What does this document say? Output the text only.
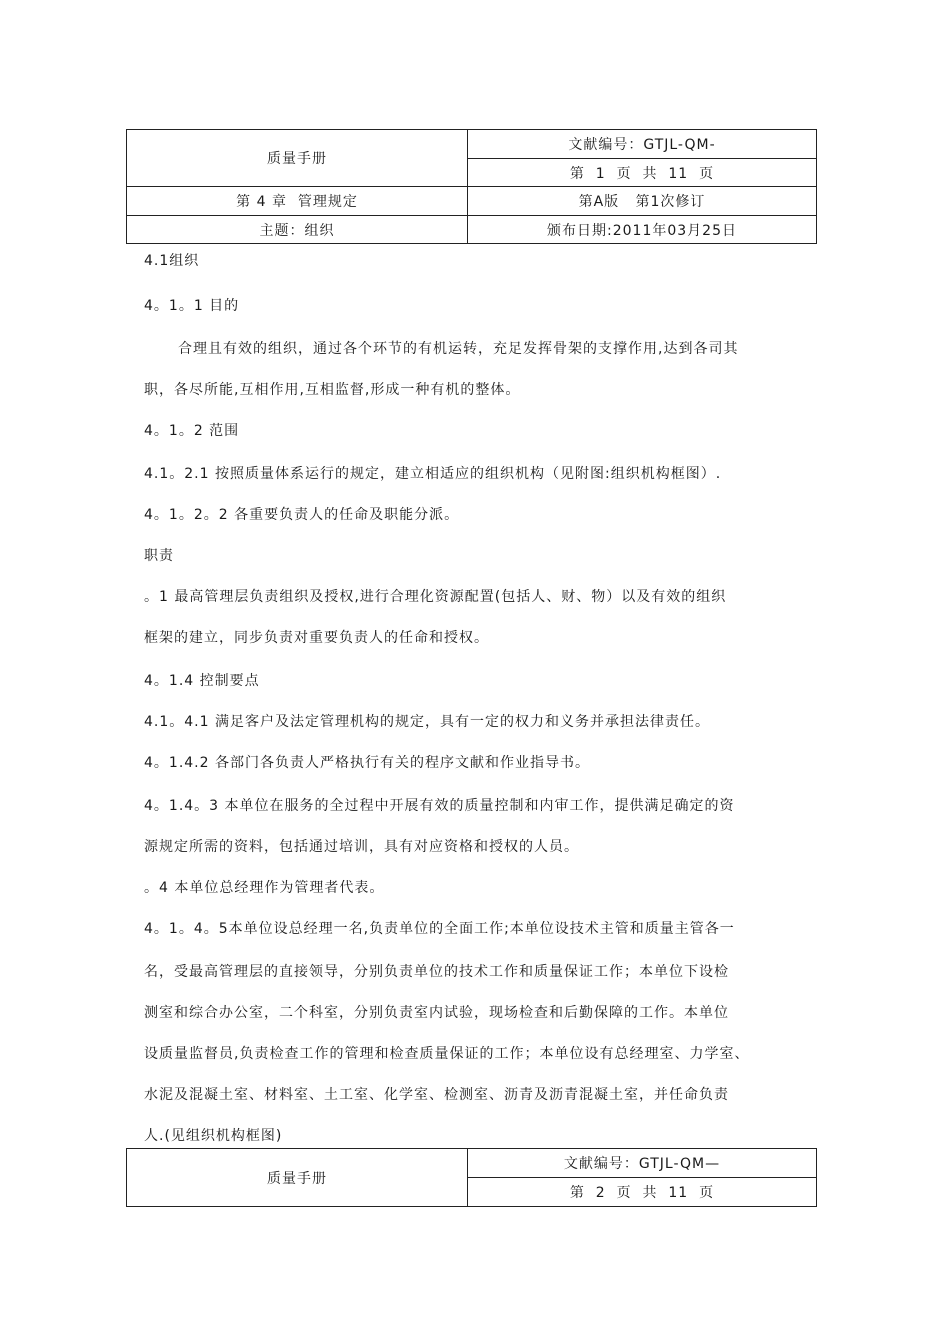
质量手册	文献编号：GTJL-QM-
	第  1  页  共  11  页
第 4 章  管理规定	第A版   第1次修订
主题：组织	颁布日期:2011年03月25日
4.1组织
4。1。1 目的
合理且有效的组织，通过各个环节的有机运转，充足发挥骨架的支撑作用,达到各司其
职，各尽所能,互相作用,互相监督,形成一种有机的整体。
4。1。2 范围
4.1。2.1 按照质量体系运行的规定，建立相适应的组织机构（见附图:组织机构框图）.
4。1。2。2 各重要负责人的任命及职能分派。
职责
。1 最高管理层负责组织及授权,进行合理化资源配置(包括人、财、物）以及有效的组织
框架的建立，同步负责对重要负责人的任命和授权。
4。1.4 控制要点
4.1。4.1 满足客户及法定管理机构的规定，具有一定的权力和义务并承担法律责任。
4。1.4.2 各部门各负责人严格执行有关的程序文献和作业指导书。
4。1.4。3 本单位在服务的全过程中开展有效的质量控制和内审工作，提供满足确定的资
源规定所需的资料，包括通过培训，具有对应资格和授权的人员。
。4 本单位总经理作为管理者代表。
4。1。4。5本单位设总经理一名,负责单位的全面工作;本单位设技术主管和质量主管各一
名，受最高管理层的直接领导，分别负责单位的技术工作和质量保证工作；本单位下设检
测室和综合办公室，二个科室，分别负责室内试验，现场检查和后勤保障的工作。本单位
设质量监督员,负责检查工作的管理和检查质量保证的工作；本单位设有总经理室、力学室、
水泥及混凝土室、材料室、土工室、化学室、检测室、沥青及沥青混凝土室，并任命负责
人.(见组织机构框图)
质量手册	文献编号：GTJL-QM—
第  2  页  共  11  页
